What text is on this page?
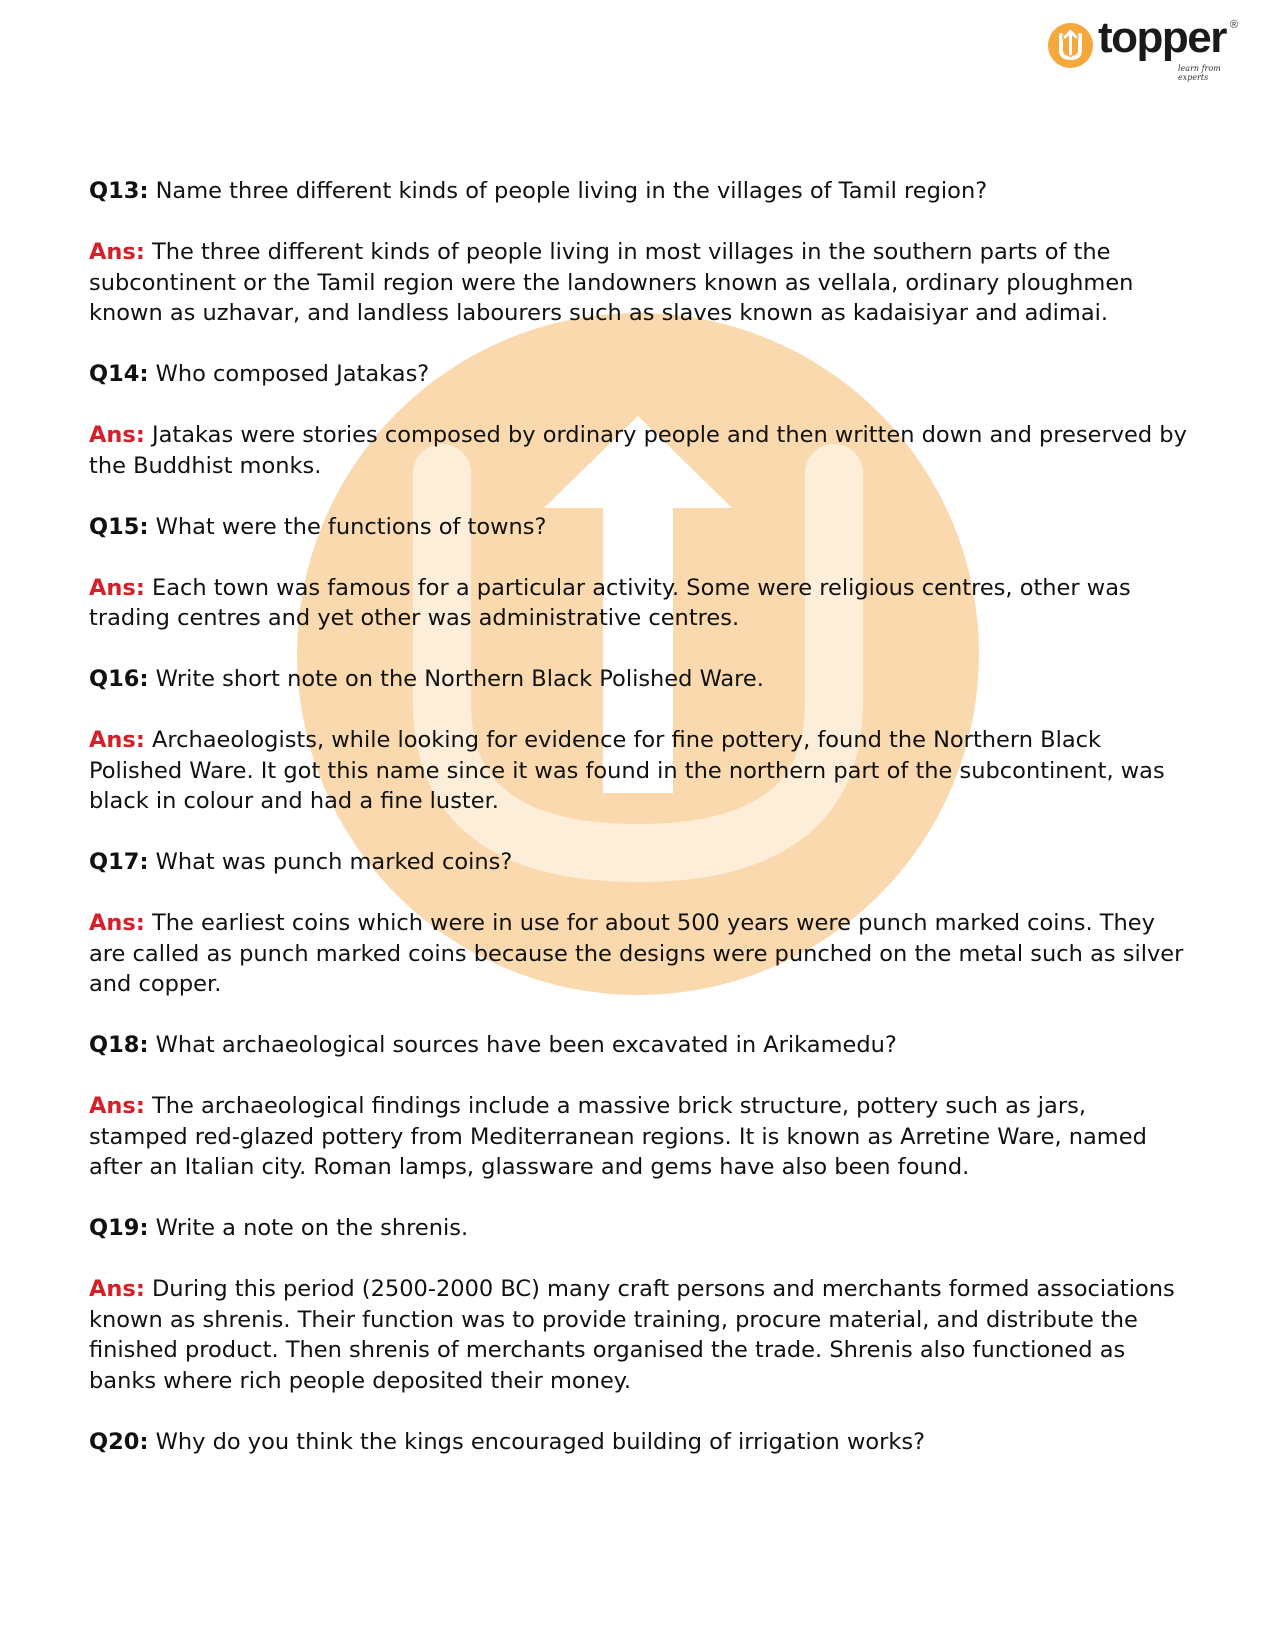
topper ®
learn from experts

Q13: Name three different kinds of people living in the villages of Tamil region?

Ans: The three different kinds of people living in most villages in the southern parts of the subcontinent or the Tamil region were the landowners known as vellala, ordinary ploughmen known as uzhavar, and landless labourers such as slaves known as kadaisiyar and adimai.

Q14: Who composed Jatakas?

Ans: Jatakas were stories composed by ordinary people and then written down and preserved by the Buddhist monks.

Q15: What were the functions of towns?

Ans: Each town was famous for a particular activity. Some were religious centres, other was trading centres and yet other was administrative centres.

Q16: Write short note on the Northern Black Polished Ware.

Ans: Archaeologists, while looking for evidence for fine pottery, found the Northern Black Polished Ware. It got this name since it was found in the northern part of the subcontinent, was black in colour and had a fine luster.

Q17: What was punch marked coins?

Ans: The earliest coins which were in use for about 500 years were punch marked coins. They are called as punch marked coins because the designs were punched on the metal such as silver and copper.

Q18: What archaeological sources have been excavated in Arikamedu?

Ans: The archaeological findings include a massive brick structure, pottery such as jars, stamped red-glazed pottery from Mediterranean regions. It is known as Arretine Ware, named after an Italian city. Roman lamps, glassware and gems have also been found.

Q19: Write a note on the shrenis.

Ans: During this period (2500-2000 BC) many craft persons and merchants formed associations known as shrenis. Their function was to provide training, procure material, and distribute the finished product. Then shrenis of merchants organised the trade. Shrenis also functioned as banks where rich people deposited their money.

Q20: Why do you think the kings encouraged building of irrigation works?
